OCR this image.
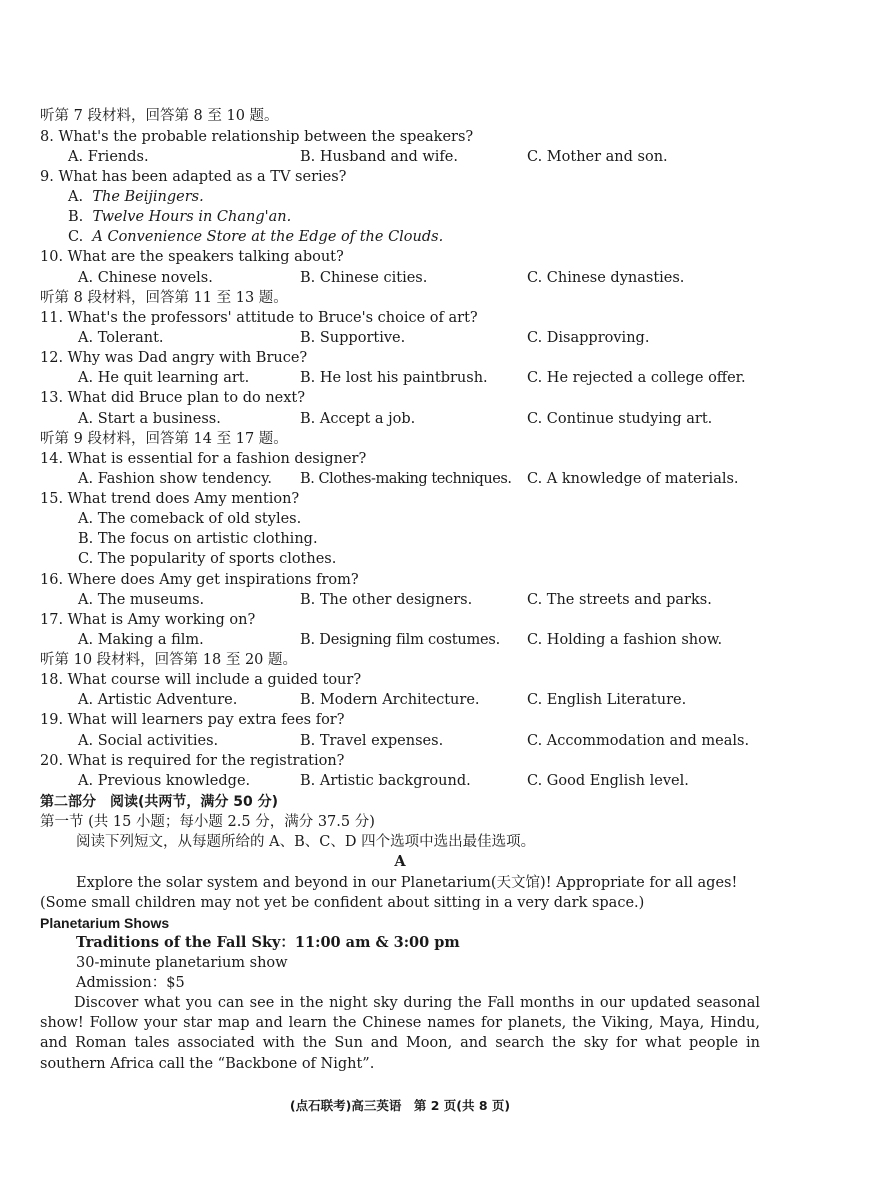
听第 7 段材料，回答第 8 至 10 题。
8. What's the probable relationship between the speakers?
A. Friends.	B. Husband and wife.	C. Mother and son.
9. What has been adapted as a TV series?
A. The Beijingers.
B. Twelve Hours in Chang'an.
C. A Convenience Store at the Edge of the Clouds.
10. What are the speakers talking about?
A. Chinese novels.	B. Chinese cities.	C. Chinese dynasties.
听第 8 段材料，回答第 11 至 13 题。
11. What's the professors' attitude to Bruce's choice of art?
A. Tolerant.	B. Supportive.	C. Disapproving.
12. Why was Dad angry with Bruce?
A. He quit learning art.	B. He lost his paintbrush.	C. He rejected a college offer.
13. What did Bruce plan to do next?
A. Start a business.	B. Accept a job.	C. Continue studying art.
听第 9 段材料，回答第 14 至 17 题。
14. What is essential for a fashion designer?
A. Fashion show tendency. B. Clothes-making techniques. C. A knowledge of materials.
15. What trend does Amy mention?
A. The comeback of old styles.
B. The focus on artistic clothing.
C. The popularity of sports clothes.
16. Where does Amy get inspirations from?
A. The museums.	B. The other designers.	C. The streets and parks.
17. What is Amy working on?
A. Making a film.	B. Designing film costumes. C. Holding a fashion show.
听第 10 段材料，回答第 18 至 20 题。
18. What course will include a guided tour?
A. Artistic Adventure.	B. Modern Architecture.	C. English Literature.
19. What will learners pay extra fees for?
A. Social activities.	B. Travel expenses.	C. Accommodation and meals.
20. What is required for the registration?
A. Previous knowledge.	B. Artistic background.	C. Good English level.
第二部分　阅读(共两节，满分 50 分)
第一节 (共 15 小题；每小题 2.5 分，满分 37.5 分)
阅读下列短文，从每题所给的 A、B、C、D 四个选项中选出最佳选项。
A
Explore the solar system and beyond in our Planetarium(天文馆)! Appropriate for all ages!
(Some small children may not yet be confident about sitting in a very dark space.)
Planetarium Shows
Traditions of the Fall Sky：11:00 am & 3:00 pm
30-minute planetarium show
Admission：$5
Discover what you can see in the night sky during the Fall months in our updated seasonal show! Follow your star map and learn the Chinese names for planets, the Viking, Maya, Hindu, and Roman tales associated with the Sun and Moon, and search the sky for what people in southern Africa call the “Backbone of Night”.
(点石联考)高三英语　第 2 页(共 8 页)
